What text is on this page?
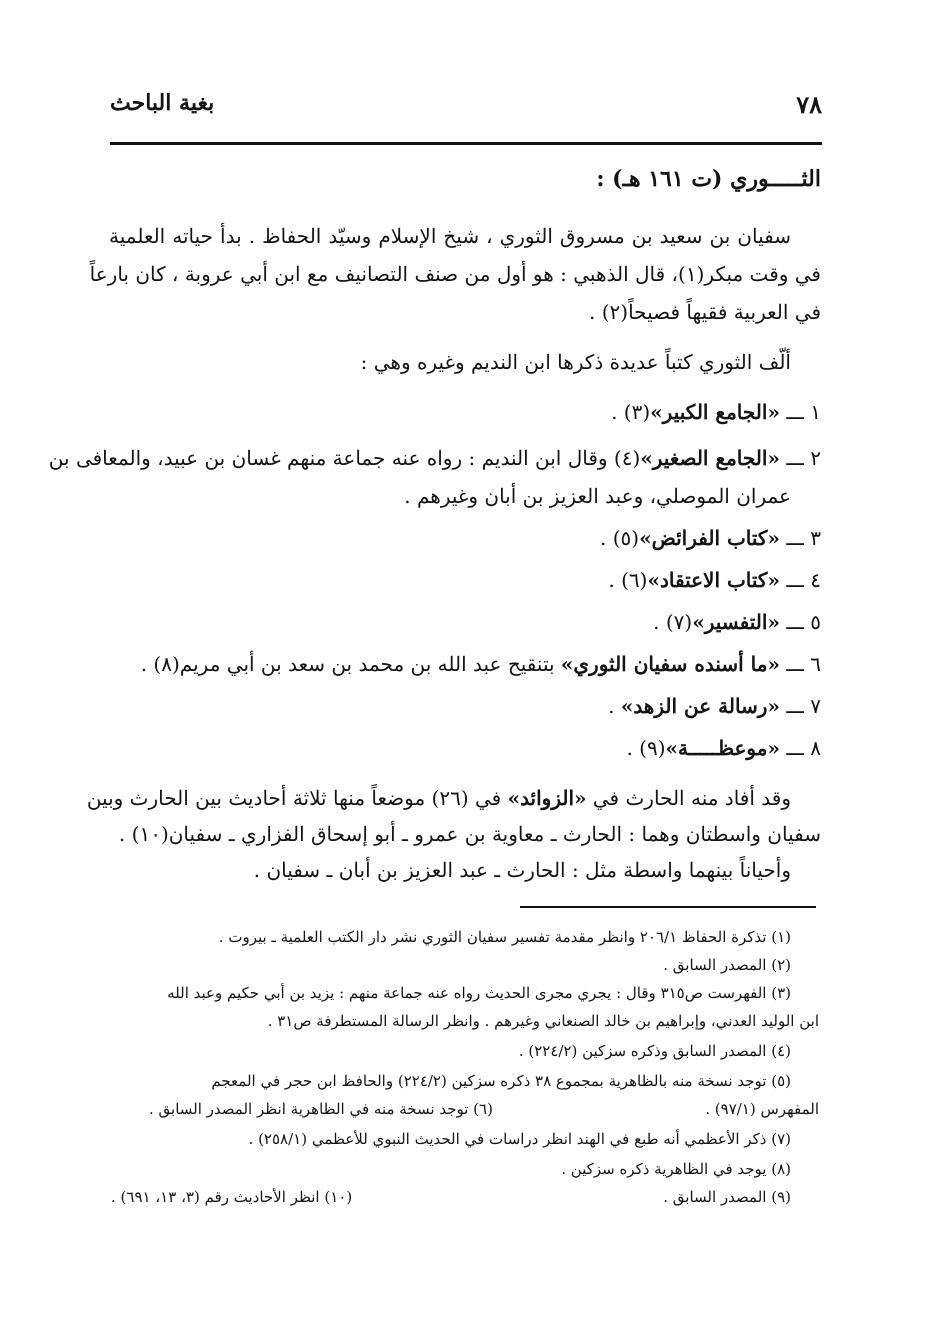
٧٨
بغية الباحث
الثـــــوري (ت ١٦١ هـ) :
سفيان بن سعيد بن مسروق الثوري ، شيخ الإسلام وسيّد الحفاظ . بدأ حياته العلمية
في وقت مبكر(١)، قال الذهبي : هو أول من صنف التصانيف مع ابن أبي عروبة ، كان بارعاً
في العربية فقيهاً فصيحاً(٢) .
ألّف الثوري كتباً عديدة ذكرها ابن النديم وغيره وهي :
١ ـــ «الجامع الكبير»(٣) .
٢ ـــ «الجامع الصغير»(٤) وقال ابن النديم : رواه عنه جماعة منهم غسان بن عبيد، والمعافى بن
عمران الموصلي، وعبد العزيز بن أبان وغيرهم .
٣ ـــ «كتاب الفرائض»(٥) .
٤ ـــ «كتاب الاعتقاد»(٦) .
٥ ـــ «التفسير»(٧) .
٦ ـــ «ما أسنده سفيان الثوري» بتنقيح عبد الله بن محمد بن سعد بن أبي مريم(٨) .
٧ ـــ «رسالة عن الزهد» .
٨ ـــ «موعظـــــة»(٩) .
وقد أفاد منه الحارث في «الزوائد» في (٢٦) موضعاً منها ثلاثة أحاديث بين الحارث وبين
سفيان واسطتان وهما : الحارث ـ معاوية بن عمرو ـ أبو إسحاق الفزاري ـ سفيان(١٠) .
وأحياناً بينهما واسطة مثل : الحارث ـ عبد العزيز بن أبان ـ سفيان .
(١) تذكرة الحفاظ ٢٠٦/١ وانظر مقدمة تفسير سفيان الثوري نشر دار الكتب العلمية ـ بيروت .
(٢) المصدر السابق .
(٣) الفهرست ص٣١٥ وقال : يجري مجرى الحديث رواه عنه جماعة منهم : يزيد بن أبي حكيم وعبد الله
ابن الوليد العدني، وإبراهيم بن خالد الصنعاني وغيرهم . وانظر الرسالة المستطرفة ص٣١ .
(٤) المصدر السابق وذكره سزكين (٢٢٤/٢) .
(٥) توجد نسخة منه بالظاهرية بمجموع ٣٨ ذكره سزكين (٢٢٤/٢) والحافظ ابن حجر في المعجم
المفهرس (٩٧/١) .
(٦) توجد نسخة منه في الظاهرية انظر المصدر السابق .
(٧) ذكر الأعظمي أنه طبع في الهند انظر دراسات في الحديث النبوي للأعظمي (٢٥٨/١) .
(٨) يوجد في الظاهرية ذكره سزكين .
(٩) المصدر السابق .
(١٠) انظر الأحاديث رقم (٣، ١٣، ٦٩١) .
